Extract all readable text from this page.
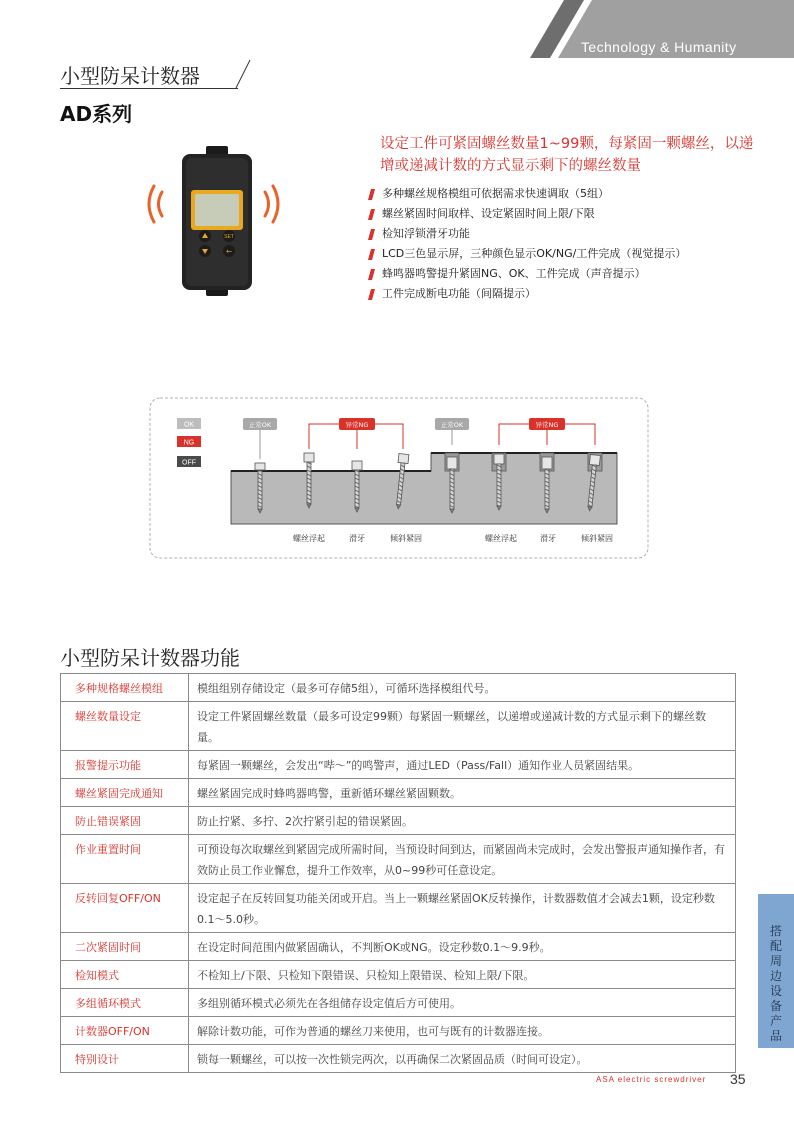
Technology & Humanity
小型防呆计数器
AD系列
SET
←
设定工件可紧固螺丝数量1~99颗，每紧固一颗螺丝，以递增或递减计数的方式显示剩下的螺丝数量
多种螺丝规格模组可依据需求快速调取（5组）
螺丝紧固时间取样、设定紧固时间上限/下限
检知浮锁滑牙功能
LCD三色显示屏，三种颜色显示OK/NG/工件完成（视觉提示）
蜂鸣器鸣警提升紧固NG、OK、工件完成（声音提示）
工件完成断电功能（间隔提示）
OK
NG
OFF
正常OK	异常NG	正常OK	异常NG
螺丝浮起	滑牙	倾斜紧固	螺丝浮起	滑牙	倾斜紧固
小型防呆计数器功能
多种规格螺丝模组	模组组别存储设定（最多可存储5组），可循环选择模组代号。
螺丝数量设定	设定工件紧固螺丝数量（最多可设定99颗）每紧固一颗螺丝，以递增或递减计数的方式显示剩下的螺丝数量。
报警提示功能	每紧固一颗螺丝，会发出“哔～”的鸣警声，通过LED（Pass/Fall）通知作业人员紧固结果。
螺丝紧固完成通知	螺丝紧固完成时蜂鸣器鸣警，重新循环螺丝紧固颗数。
防止错误紧固	防止拧紧、多拧、2次拧紧引起的错误紧固。
作业重置时间	可预设每次取螺丝到紧固完成所需时间，当预设时间到达，而紧固尚未完成时，会发出警报声通知操作者，有效防止员工作业懈怠，提升工作效率，从0~99秒可任意设定。
反转回复OFF/ON	设定起子在反转回复功能关闭或开启。当上一颗螺丝紧固OK反转操作，计数器数值才会减去1颗，设定秒数0.1～5.0秒。
二次紧固时间	在设定时间范围内做紧固确认，不判断OK或NG。设定秒数0.1～9.9秒。
检知模式	不检知上/下限、只检知下限错误、只检知上限错误、检知上限/下限。
多组循环模式	多组别循环模式必须先在各组储存设定值后方可使用。
计数器OFF/ON	解除计数功能，可作为普通的螺丝刀来使用，也可与既有的计数器连接。
特别设计	锁每一颗螺丝，可以按一次性锁完两次，以再确保二次紧固品质（时间可设定）。
搭配周边设备产品
ASA electric screwdriver 35
